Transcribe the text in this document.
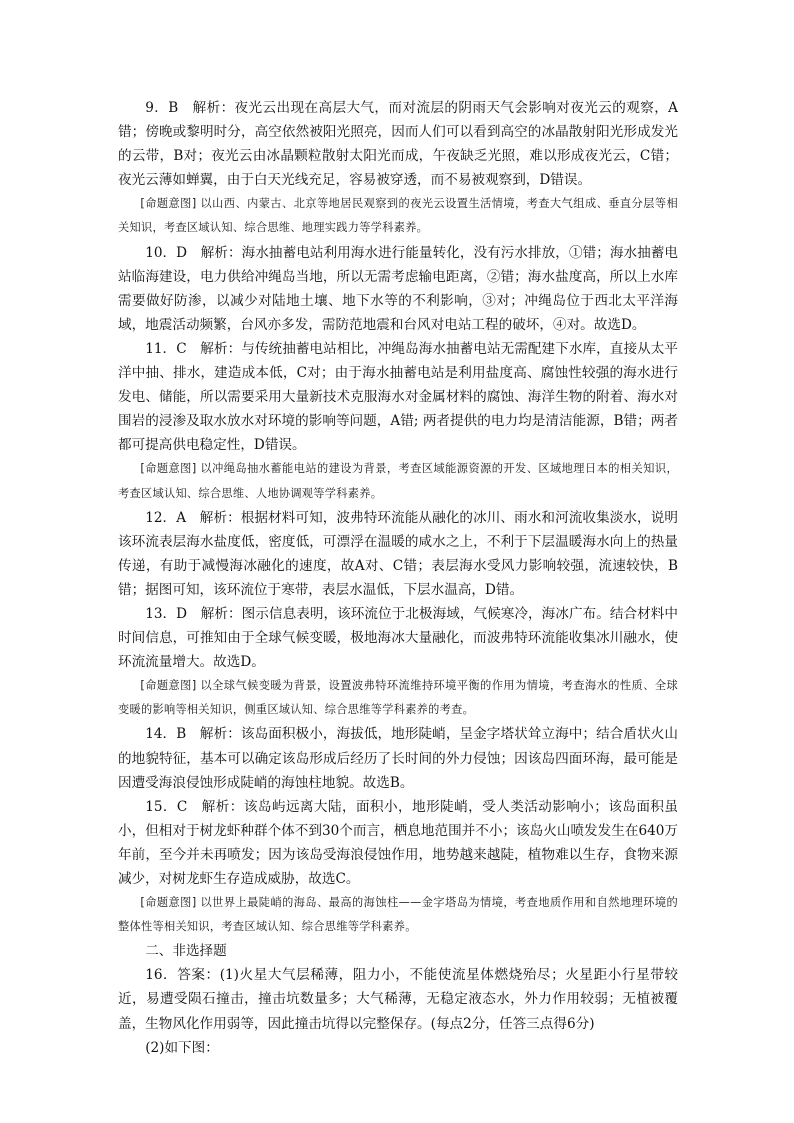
9．B　解析：夜光云出现在高层大气，而对流层的阴雨天气会影响对夜光云的观察，A错；傍晚或黎明时分，高空依然被阳光照亮，因而人们可以看到高空的冰晶散射阳光形成发光的云带，B对；夜光云由冰晶颗粒散射太阳光而成，午夜缺乏光照，难以形成夜光云，C错；夜光云薄如蝉翼，由于白天光线充足，容易被穿透，而不易被观察到，D错误。

[命题意图] 以山西、内蒙古、北京等地居民观察到的夜光云设置生活情境，考查大气组成、垂直分层等相关知识，考查区域认知、综合思维、地理实践力等学科素养。

10．D　解析：海水抽蓄电站利用海水进行能量转化，没有污水排放，①错；海水抽蓄电站临海建设，电力供给冲绳岛当地，所以无需考虑输电距离，②错；海水盐度高，所以上水库需要做好防渗，以减少对陆地土壤、地下水等的不利影响，③对；冲绳岛位于西北太平洋海域，地震活动频繁，台风亦多发，需防范地震和台风对电站工程的破坏，④对。故选D。

11．C　解析：与传统抽蓄电站相比，冲绳岛海水抽蓄电站无需配建下水库，直接从太平洋中抽、排水，建造成本低，C对；由于海水抽蓄电站是利用盐度高、腐蚀性较强的海水进行发电、储能，所以需要采用大量新技术克服海水对金属材料的腐蚀、海洋生物的附着、海水对围岩的浸渗及取水放水对环境的影响等问题，A错; 两者提供的电力均是清洁能源，B错；两者都可提高供电稳定性，D错误。

[命题意图] 以冲绳岛抽水蓄能电站的建设为背景，考查区域能源资源的开发、区域地理日本的相关知识，考查区域认知、综合思维、人地协调观等学科素养。

12．A　解析：根据材料可知，波弗特环流能从融化的冰川、雨水和河流收集淡水，说明该环流表层海水盐度低，密度低，可漂浮在温暖的咸水之上，不利于下层温暖海水向上的热量传递，有助于减慢海冰融化的速度，故A对、C错；表层海水受风力影响较强，流速较快，B错；据图可知，该环流位于寒带，表层水温低，下层水温高，D错。

13．D　解析：图示信息表明，该环流位于北极海域，气候寒冷，海冰广布。结合材料中时间信息，可推知由于全球气候变暖，极地海冰大量融化，而波弗特环流能收集冰川融水，使环流流量增大。故选D。

[命题意图] 以全球气候变暖为背景，设置波弗特环流维持环境平衡的作用为情境，考查海水的性质、全球变暖的影响等相关知识，侧重区域认知、综合思维等学科素养的考查。

14．B　解析：该岛面积极小，海拔低，地形陡峭，呈金字塔状耸立海中；结合盾状火山的地貌特征，基本可以确定该岛形成后经历了长时间的外力侵蚀；因该岛四面环海，最可能是因遭受海浪侵蚀形成陡峭的海蚀柱地貌。故选B。

15．C　解析：该岛屿远离大陆，面积小，地形陡峭，受人类活动影响小；该岛面积虽小，但相对于树龙虾种群个体不到30个而言，栖息地范围并不小；该岛火山喷发发生在640万年前，至今并未再喷发；因为该岛受海浪侵蚀作用，地势越来越陡，植物难以生存，食物来源减少，对树龙虾生存造成威胁，故选C。

[命题意图] 以世界上最陡峭的海岛、最高的海蚀柱——金字塔岛为情境，考查地质作用和自然地理环境的整体性等相关知识，考查区域认知、综合思维等学科素养。

二、非选择题

16．答案：(1)火星大气层稀薄，阻力小，不能使流星体燃烧殆尽；火星距小行星带较近，易遭受陨石撞击，撞击坑数量多；大气稀薄，无稳定液态水，外力作用较弱；无植被覆盖，生物风化作用弱等，因此撞击坑得以完整保存。(每点2分，任答三点得6分)

(2)如下图：
